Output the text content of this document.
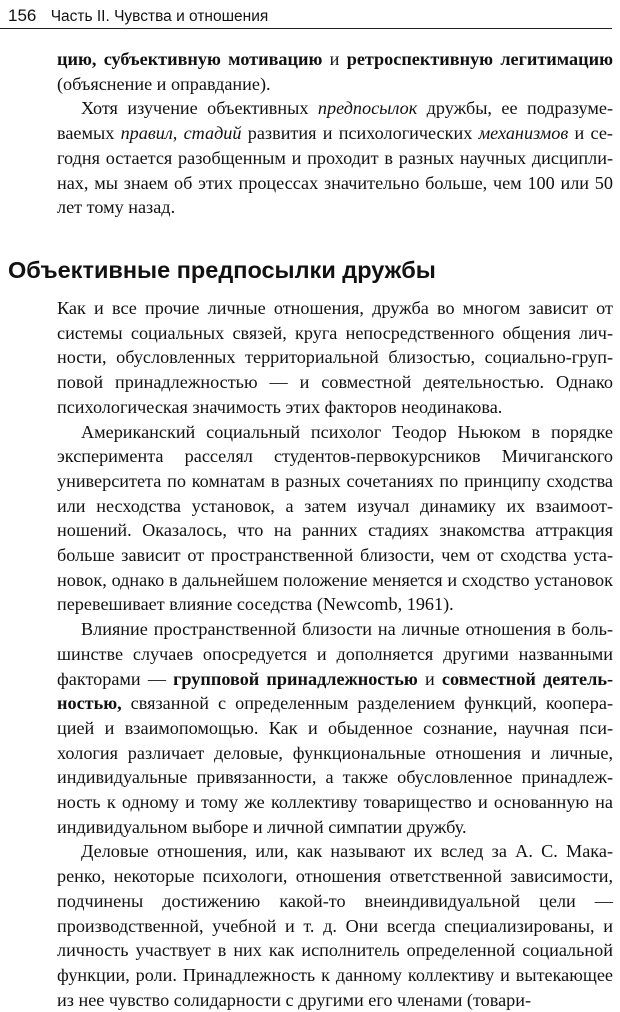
156 Часть II. Чувства и отношения

цию, субъективную мотивацию и ретроспективную легитимацию (объяснение и оправдание).

Хотя изучение объективных предпосылок дружбы, ее подразумеваемых правил, стадий развития и психологических механизмов и сегодня остается разобщенным и проходит в разных научных дисциплинах, мы знаем об этих процессах значительно больше, чем 100 или 50 лет тому назад.

Объективные предпосылки дружбы

Как и все прочие личные отношения, дружба во многом зависит от системы социальных связей, круга непосредственного общения личности, обусловленных территориальной близостью, социально-групповой принадлежностью — и совместной деятельностью. Однако психологическая значимость этих факторов неодинакова.

Американский социальный психолог Теодор Ньюком в порядке эксперимента расселял студентов-первокурсников Мичиганского университета по комнатам в разных сочетаниях по принципу сходства или несходства установок, а затем изучал динамику их взаимоотношений. Оказалось, что на ранних стадиях знакомства аттракция больше зависит от пространственной близости, чем от сходства установок, однако в дальнейшем положение меняется и сходство установок перевешивает влияние соседства (Newcomb, 1961).

Влияние пространственной близости на личные отношения в большинстве случаев опосредуется и дополняется другими названными факторами — групповой принадлежностью и совместной деятельностью, связанной с определенным разделением функций, кооперацией и взаимопомощью. Как и обыденное сознание, научная психология различает деловые, функциональные отношения и личные, индивидуальные привязанности, а также обусловленное принадлежность к одному и тому же коллективу товарищество и основанную на индивидуальном выборе и личной симпатии дружбу.

Деловые отношения, или, как называют их вслед за А. С. Макаренко, некоторые психологи, отношения ответственной зависимости, подчинены достижению какой-то внеиндивидуальной цели — производственной, учебной и т. д. Они всегда специализированы, и личность участвует в них как исполнитель определенной социальной функции, роли. Принадлежность к данному коллективу и вытекающее из нее чувство солидарности с другими его членами (товари-
